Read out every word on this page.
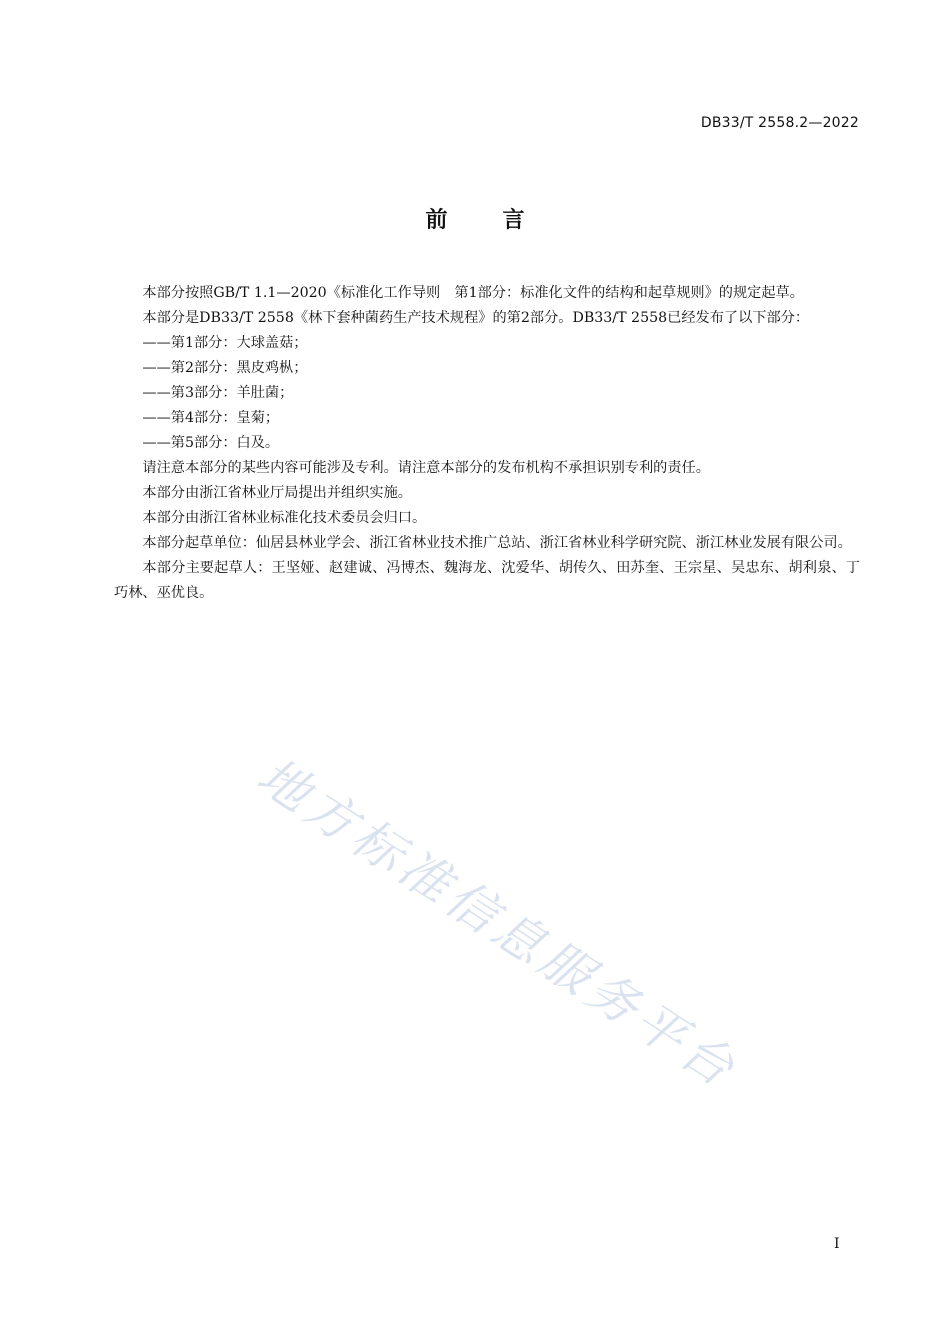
DB33/T 2558.2—2022
前	言

本部分按照GB/T 1.1—2020《标准化工作导则　第1部分：标准化文件的结构和起草规则》的规定起草。

本部分是DB33/T 2558《林下套种菌药生产技术规程》的第2部分。DB33/T 2558已经发布了以下部分：

——第1部分：大球盖菇；

——第2部分：黑皮鸡枞；

——第3部分：羊肚菌；

——第4部分：皇菊；

——第5部分：白及。

请注意本部分的某些内容可能涉及专利。请注意本部分的发布机构不承担识别专利的责任。

本部分由浙江省林业厅局提出并组织实施。

本部分由浙江省林业标准化技术委员会归口。

本部分起草单位：仙居县林业学会、浙江省林业技术推广总站、浙江省林业科学研究院、浙江林业发展有限公司。

本部分主要起草人：王坚娅、赵建诚、冯博杰、魏海龙、沈爱华、胡传久、田苏奎、王宗星、吴忠东、胡利泉、丁巧林、巫优良。

地方标准信息服务平台
I
